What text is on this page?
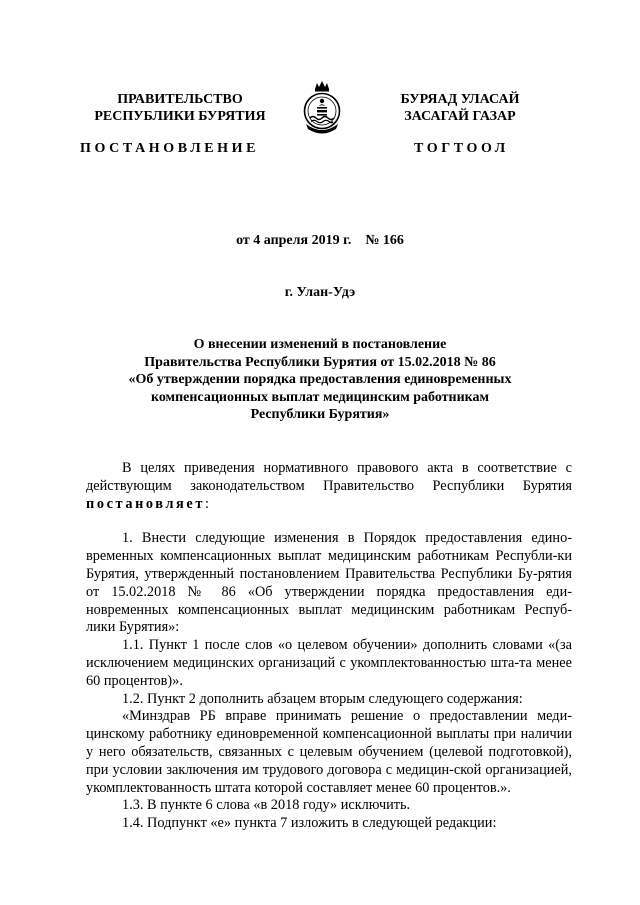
ПРАВИТЕЛЬСТВО
РЕСПУБЛИКИ БУРЯТИЯ
БУРЯАД УЛАСАЙ
ЗАСАГАЙ ГАЗАР
ПОСТАНОВЛЕНИЕ	ТОГТООЛ
от 4 апреля 2019 г.    № 166
г. Улан-Удэ
О внесении изменений в постановление
Правительства Республики Бурятия от 15.02.2018 № 86
«Об утверждении порядка предоставления единовременных
компенсационных выплат медицинским работникам
Республики Бурятия»

В целях приведения нормативного правового акта в соответствие с действующим законодательством Правительство Республики Бурятия постановляет:

1. Внести следующие изменения в Порядок предоставления едино-временных компенсационных выплат медицинским работникам Республи-ки Бурятия, утвержденный постановлением Правительства Республики Бу-рятия от 15.02.2018 № 86 «Об утверждении порядка предоставления еди-новременных компенсационных выплат медицинским работникам Респуб-лики Бурятия»:

1.1. Пункт 1 после слов «о целевом обучении» дополнить словами «(за исключением медицинских организаций с укомплектованностью шта-та менее 60 процентов)».

1.2. Пункт 2 дополнить абзацем вторым следующего содержания:

«Минздрав РБ вправе принимать решение о предоставлении меди-цинскому работнику единовременной компенсационной выплаты при наличии у него обязательств, связанных с целевым обучением (целевой подготовкой), при условии заключения им трудового договора с медицин-ской организацией, укомплектованность штата которой составляет менее 60 процентов.».

1.3. В пункте 6 слова «в 2018 году» исключить.

1.4. Подпункт «е» пункта 7 изложить в следующей редакции:
